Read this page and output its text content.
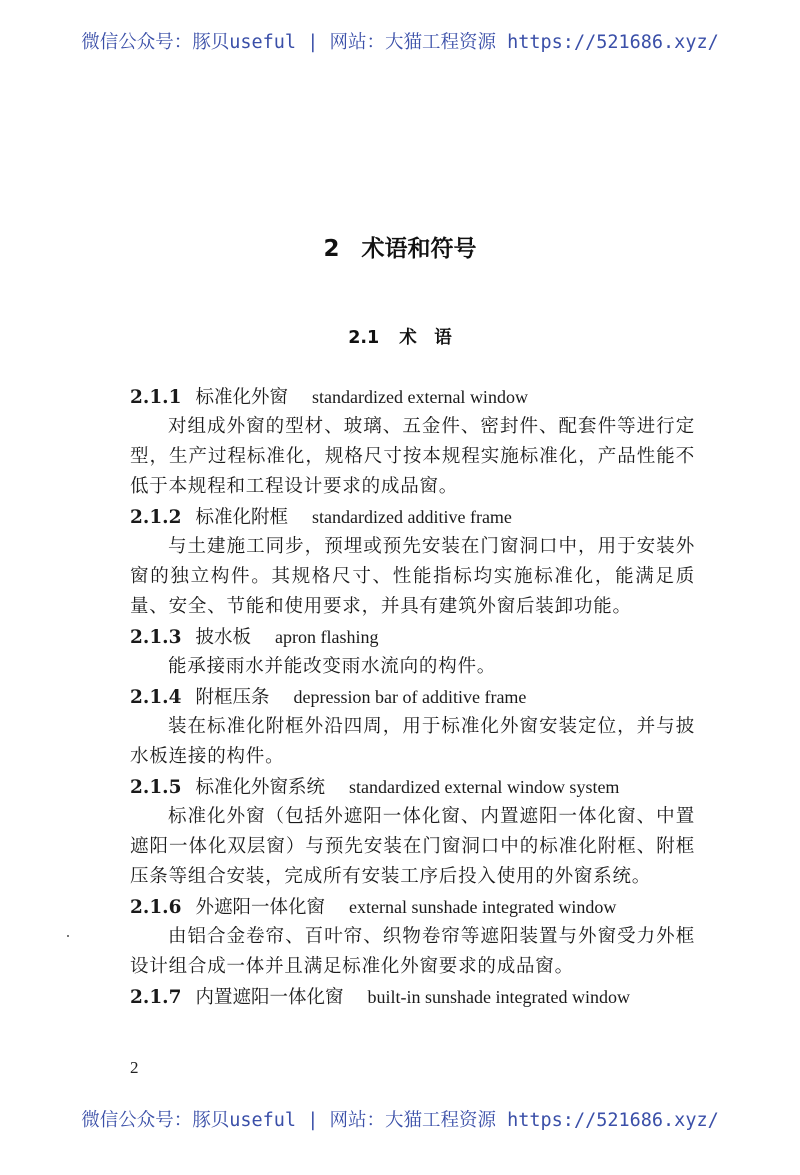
微信公众号：豚贝useful | 网站：大猫工程资源 https://521686.xyz/
2 术语和符号
2.1 术　语
2.1.1 标准化外窗 standardized external window
对组成外窗的型材、玻璃、五金件、密封件、配套件等进行定型，生产过程标准化，规格尺寸按本规程实施标准化，产品性能不低于本规程和工程设计要求的成品窗。
2.1.2 标准化附框 standardized additive frame
与土建施工同步，预埋或预先安装在门窗洞口中，用于安装外窗的独立构件。其规格尺寸、性能指标均实施标准化，能满足质量、安全、节能和使用要求，并具有建筑外窗后装卸功能。
2.1.3 披水板 apron flashing
能承接雨水并能改变雨水流向的构件。
2.1.4 附框压条 depression bar of additive frame
装在标准化附框外沿四周，用于标准化外窗安装定位，并与披水板连接的构件。
2.1.5 标准化外窗系统 standardized external window system
标准化外窗（包括外遮阳一体化窗、内置遮阳一体化窗、中置遮阳一体化双层窗）与预先安装在门窗洞口中的标准化附框、附框压条等组合安装，完成所有安装工序后投入使用的外窗系统。
2.1.6 外遮阳一体化窗 external sunshade integrated window
由铝合金卷帘、百叶帘、织物卷帘等遮阳装置与外窗受力外框设计组合成一体并且满足标准化外窗要求的成品窗。
2.1.7 内置遮阳一体化窗 built-in sunshade integrated window
2
微信公众号：豚贝useful | 网站：大猫工程资源 https://521686.xyz/
